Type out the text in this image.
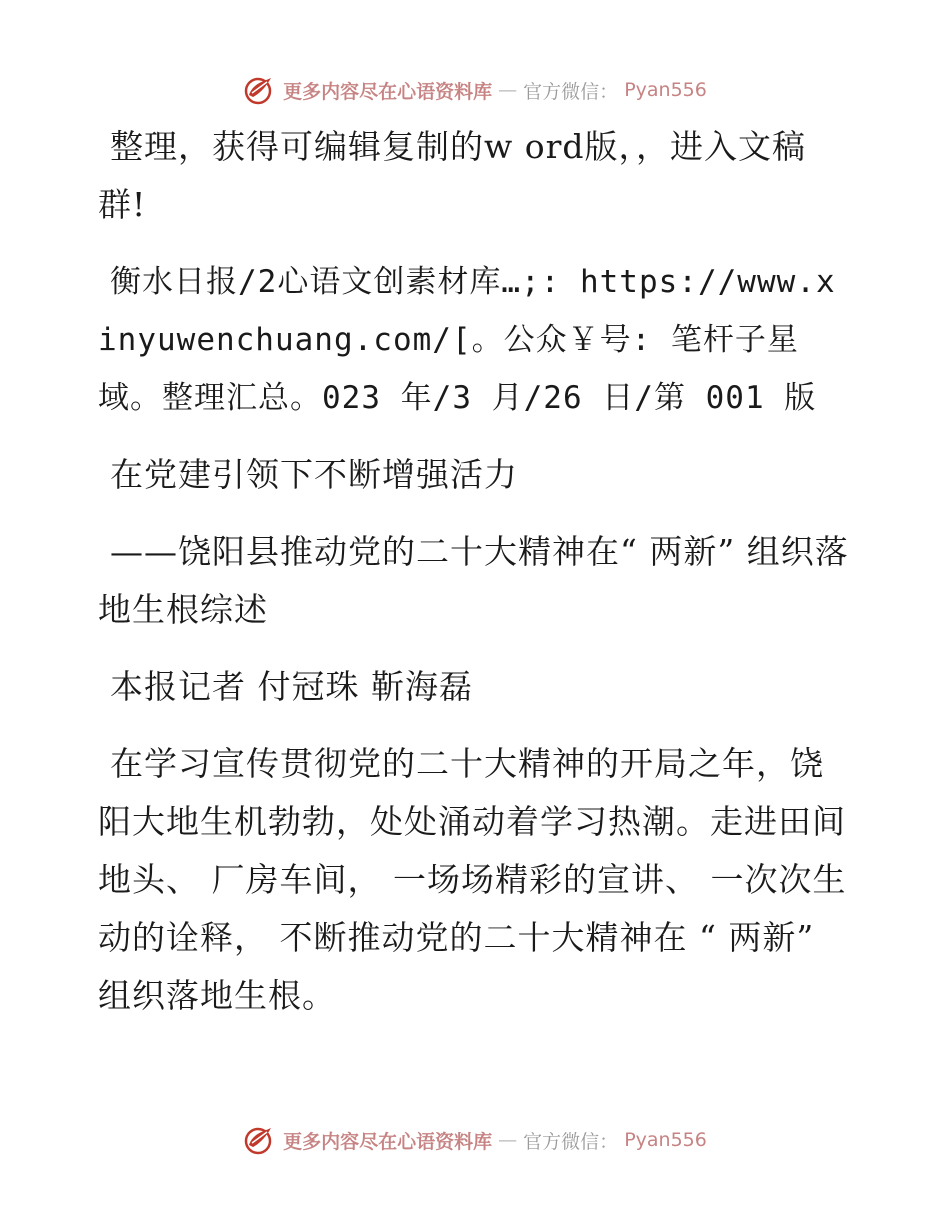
更多内容尽在心语资料库 — 官方微信： Pyan556

整理，获得可编辑复制的w ord版，，进入文稿群!

衡水日报/2心语文创素材库…;: https://www.xinyuwenchuang.com/[。公众￥号: 笔杆子星域。整理汇总。023 年/3 月/26 日/第 001 版

在党建引领下不断增强活力

——饶阳县推动党的二十大精神在“ 两新” 组织落地生根综述

本报记者 付冠珠 靳海磊

在学习宣传贯彻党的二十大精神的开局之年，饶阳大地生机勃勃，处处涌动着学习热潮。走进田间地头、 厂房车间， 一场场精彩的宣讲、 一次次生动的诠释， 不断推动党的二十大精神在 “ 两新” 组织落地生根。

更多内容尽在心语资料库 — 官方微信： Pyan556
